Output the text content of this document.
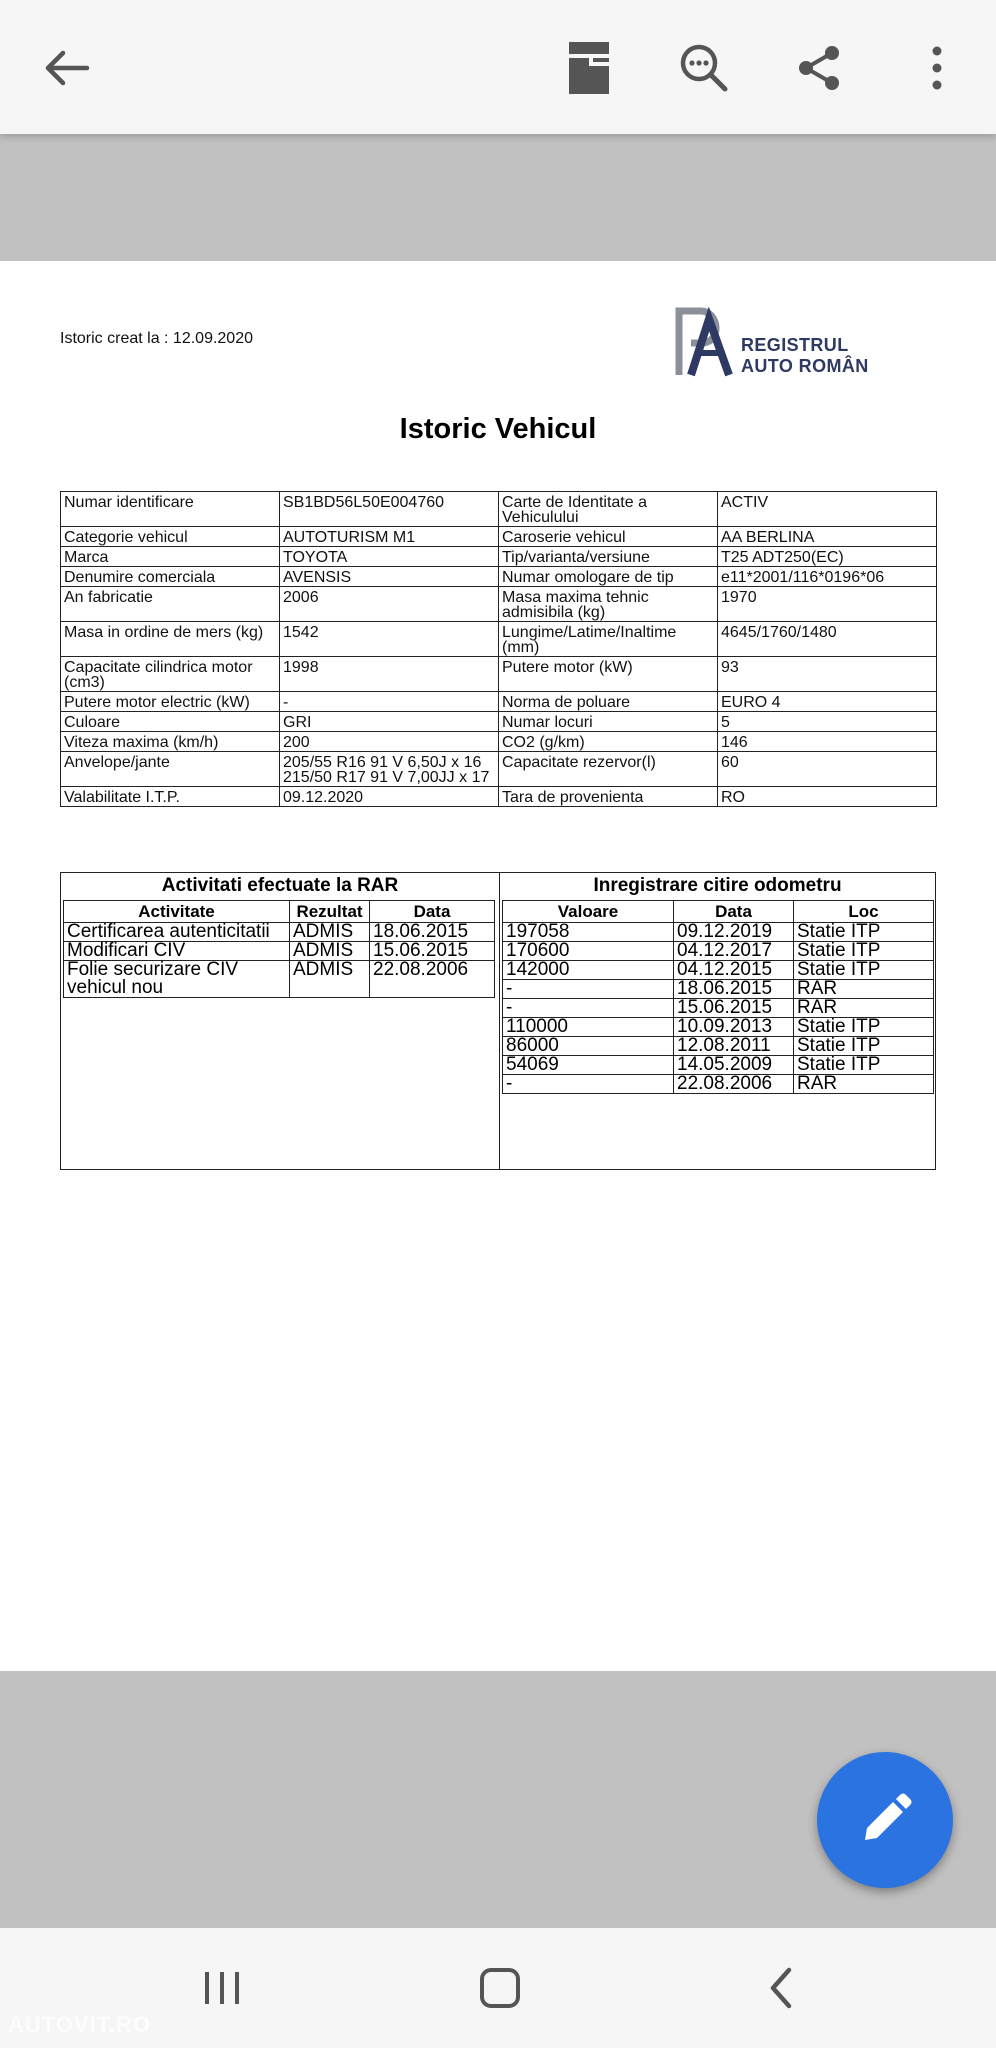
Istoric creat la : 12.09.2020	REGISTRUL
AUTO ROMÂN
Istoric Vehicul
Numar identificare	SB1BD56L50E004760	Carte de Identitate a Vehiculului	ACTIV
Categorie vehicul	AUTOTURISM M1	Caroserie vehicul	AA BERLINA
Marca	TOYOTA	Tip/varianta/versiune	T25 ADT250(EC)
Denumire comerciala	AVENSIS	Numar omologare de tip	e11*2001/116*0196*06
An fabricatie	2006	Masa maxima tehnic admisibila (kg)	1970
Masa in ordine de mers (kg)	1542	Lungime/Latime/Inaltime (mm)	4645/1760/1480
Capacitate cilindrica motor (cm3)	1998	Putere motor (kW)	93
Putere motor electric (kW)	-	Norma de poluare	EURO 4
Culoare	GRI	Numar locuri	5
Viteza maxima (km/h)	200	CO2 (g/km)	146
Anvelope/jante	205/55 R16 91 V 6,50J x 16 215/50 R17 91 V 7,00JJ x 17	Capacitate rezervor(l)	60
Valabilitate I.T.P.	09.12.2020	Tara de provenienta	RO
Activitati efectuate la RAR
Activitate	Rezultat	Data
Certificarea autenticitatii	ADMIS	18.06.2015
Modificari CIV	ADMIS	15.06.2015
Folie securizare CIV vehicul nou	ADMIS	22.08.2006
Inregistrare citire odometru
Valoare	Data	Loc
197058	09.12.2019	Statie ITP
170600	04.12.2017	Statie ITP
142000	04.12.2015	Statie ITP
-	18.06.2015	RAR
-	15.06.2015	RAR
110000	10.09.2013	Statie ITP
86000	12.08.2011	Statie ITP
54069	14.05.2009	Statie ITP
-	22.08.2006	RAR
AUTOVIT.RO
